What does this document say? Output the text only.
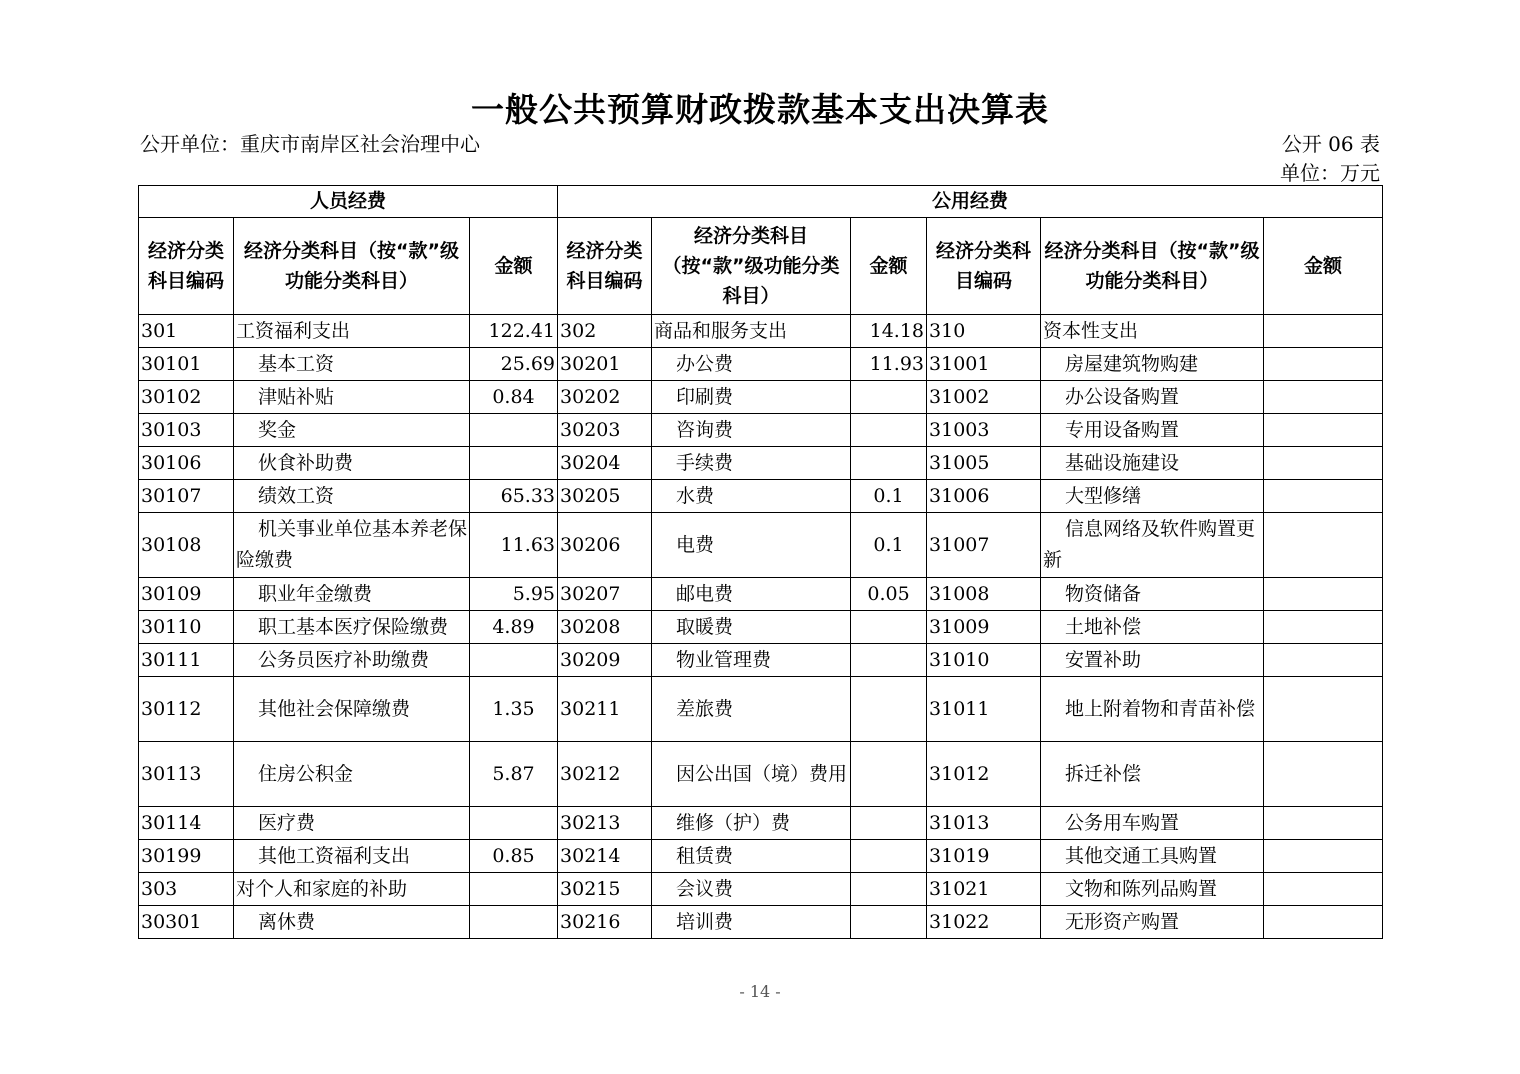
一般公共预算财政拨款基本支出决算表
公开单位：重庆市南岸区社会治理中心	公开 06 表
单位：万元
人员经费			公用经费					
经济分类科目编码	经济分类科目（按“款”级功能分类科目）	金额	经济分类科目编码	经济分类科目（按“款”级功能分类科目）	金额	经济分类科目编码	经济分类科目（按“款”级功能分类科目）	金额
301	工资福利支出	122.41	302	商品和服务支出	14.18	310	资本性支出	
30101	基本工资	25.69	30201	办公费	11.93	31001	房屋建筑物购建	
30102	津贴补贴	0.84	30202	印刷费		31002	办公设备购置	
30103	奖金		30203	咨询费		31003	专用设备购置	
30106	伙食补助费		30204	手续费		31005	基础设施建设	
30107	绩效工资	65.33	30205	水费	0.1	31006	大型修缮	
30108	机关事业单位基本养老保险缴费	11.63	30206	电费	0.1	31007	信息网络及软件购置更新	
30109	职业年金缴费	5.95	30207	邮电费	0.05	31008	物资储备	
30110	职工基本医疗保险缴费	4.89	30208	取暖费		31009	土地补偿	
30111	公务员医疗补助缴费		30209	物业管理费		31010	安置补助	
30112	其他社会保障缴费	1.35	30211	差旅费		31011	地上附着物和青苗补偿	
30113	住房公积金	5.87	30212	因公出国（境）费用		31012	拆迁补偿	
30114	医疗费		30213	维修（护）费		31013	公务用车购置	
30199	其他工资福利支出	0.85	30214	租赁费		31019	其他交通工具购置	
303	对个人和家庭的补助		30215	会议费		31021	文物和陈列品购置	
30301	离休费		30216	培训费		31022	无形资产购置	
- 14 -
